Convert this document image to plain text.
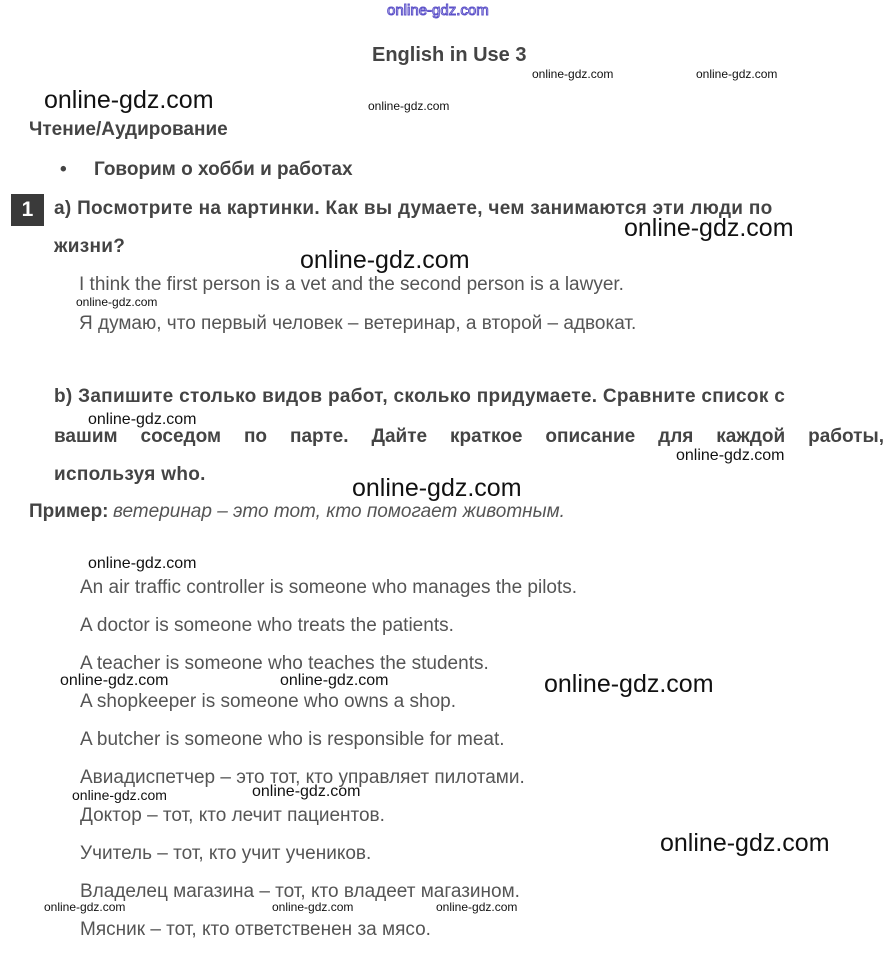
online-gdz.com
English in Use 3
Чтение/Аудирование
• Говорим о хобби и работах
1	a) Посмотрите на картинки. Как вы думаете, чем занимаются эти люди по
жизни?
I think the first person is a vet and the second person is a lawyer.
Я думаю, что первый человек – ветеринар, а второй – адвокат.
b) Запишите столько видов работ, сколько придумаете. Сравните список с
вашим соседом по парте. Дайте краткое описание для каждой работы,
используя who.
Пример: ветеринар – это тот, кто помогает животным.
An air traffic controller is someone who manages the pilots.
A doctor is someone who treats the patients.
A teacher is someone who teaches the students.
A shopkeeper is someone who owns a shop.
A butcher is someone who is responsible for meat.
Авиадиспетчер – это тот, кто управляет пилотами.
Доктор – тот, кто лечит пациентов.
Учитель – тот, кто учит учеников.
Владелец магазина – тот, кто владеет магазином.
Мясник – тот, кто ответственен за мясо.
online-gdz.com
online-gdz.com	online-gdz.com
online-gdz.com
online-gdz.com
online-gdz.com
online-gdz.com
online-gdz.com
online-gdz.com
online-gdz.com
online-gdz.com
online-gdz.com	online-gdz.com	online-gdz.com
online-gdz.com	online-gdz.com
online-gdz.com
online-gdz.com	online-gdz.com	online-gdz.com
